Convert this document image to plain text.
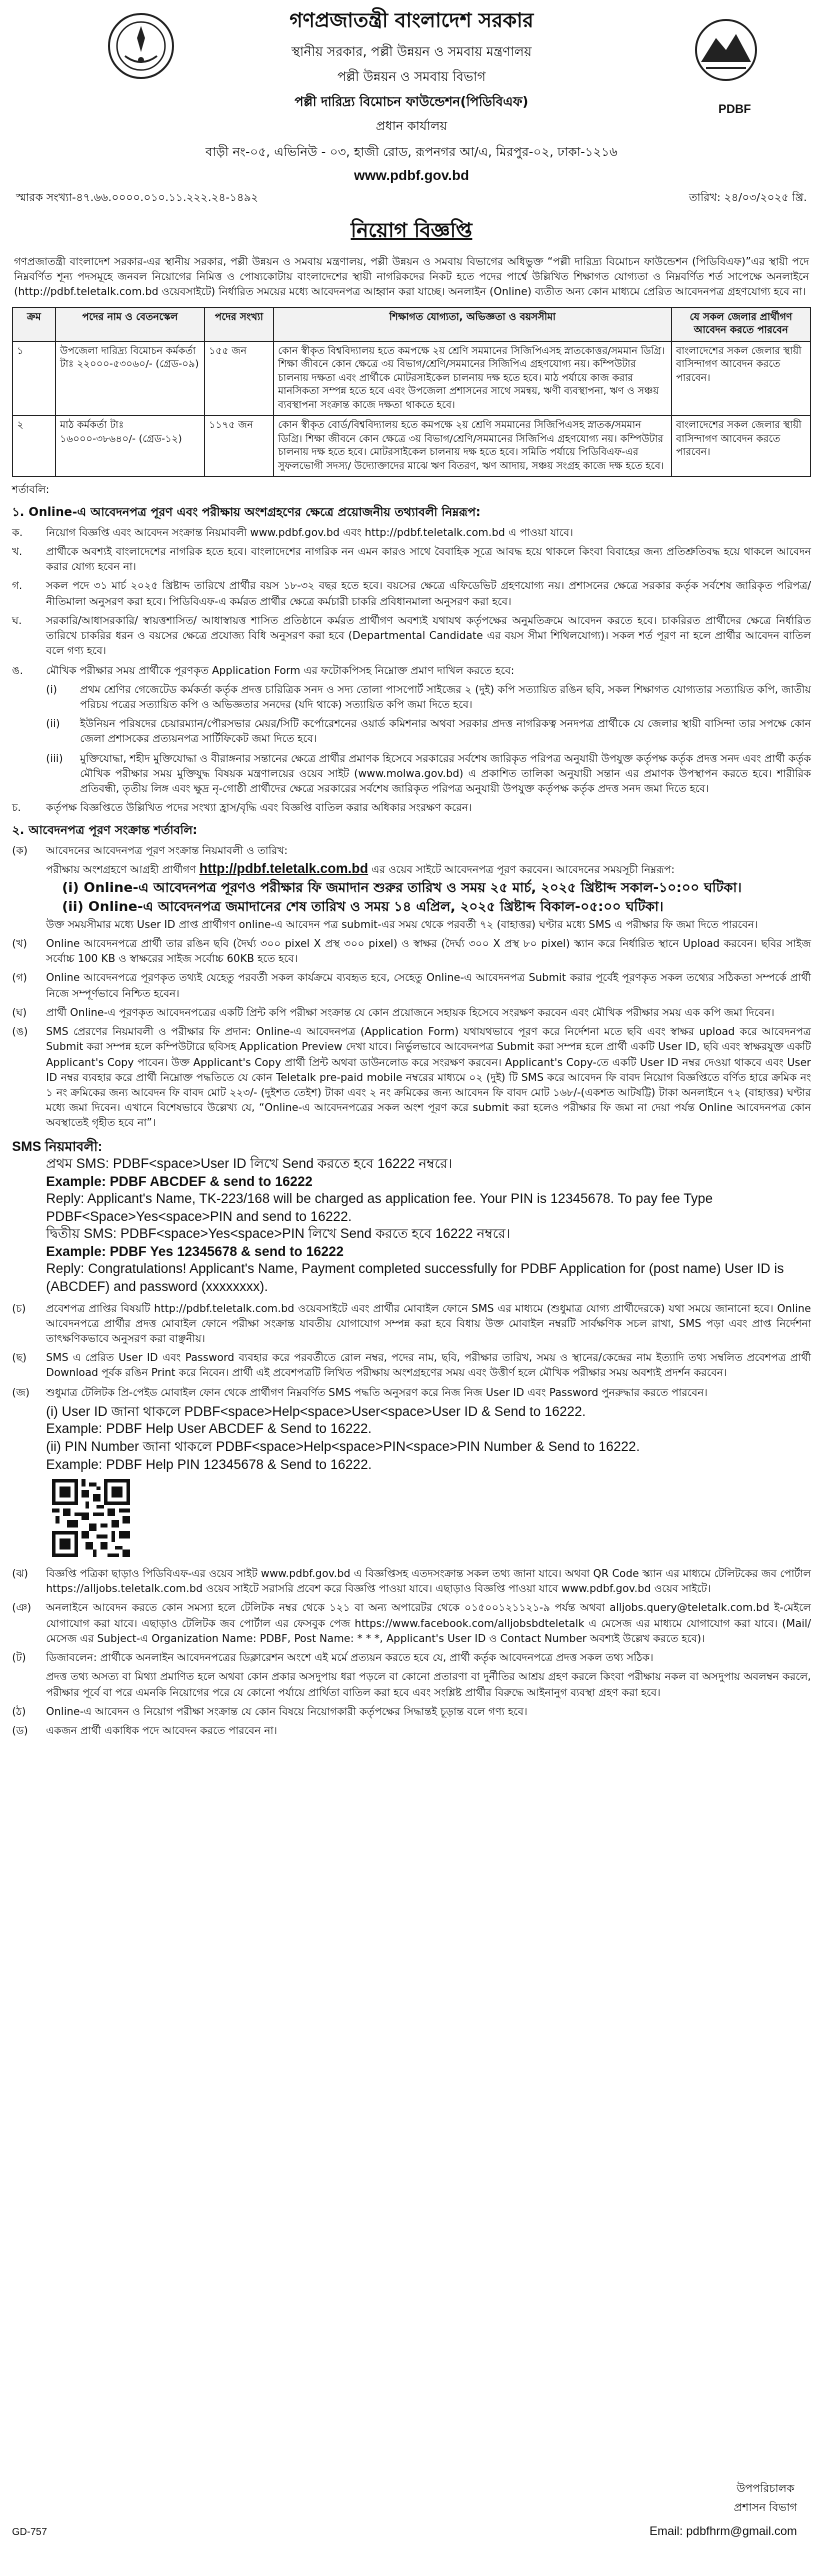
গণপ্রজাতন্ত্রী বাংলাদেশ সরকার
স্থানীয় সরকার, পল্লী উন্নয়ন ও সমবায় মন্ত্রণালয়
পল্লী উন্নয়ন ও সমবায় বিভাগ
পল্লী দারিদ্র্য বিমোচন ফাউন্ডেশন(পিডিবিএফ)
প্রধান কার্যালয়
বাড়ী নং-০৫, এভিনিউ - ০৩, হাজী রোড, রূপনগর আ/এ, মিরপুর-০২, ঢাকা-১২১৬
www.pdbf.gov.bd
PDBF
স্মারক সংখ্যা-৪৭.৬৬.০০০০.০১০.১১.২২২.২৪-১৪৯২	তারিখ: ২৪/০৩/২০২৫ খ্রি.
নিয়োগ বিজ্ঞপ্তি
গণপ্রজাতন্ত্রী বাংলাদেশ সরকার-এর স্থানীয় সরকার, পল্লী উন্নয়ন ও সমবায় মন্ত্রণালয়, পল্লী উন্নয়ন ও সমবায় বিভাগের অধিভুক্ত “পল্লী দারিদ্র্য বিমোচন ফাউন্ডেশন (পিডিবিএফ)”এর স্থায়ী পদে নিম্নবর্ণিত শূন্য পদসমূহে জনবল নিয়োগের নিমিত্ত ও পোষ্যকোটায় বাংলাদেশের স্থায়ী নাগরিকদের নিকট হতে পদের পার্শ্বে উল্লিখিত শিক্ষাগত যোগ্যতা ও নিম্নবর্ণিত শর্ত সাপেক্ষে অনলাইনে (http://pdbf.teletalk.com.bd ওয়েবসাইটে) নির্ধারিত সময়ের মধ্যে আবেদনপত্র আহ্বান করা যাচ্ছে। অনলাইন (Online) ব্যতীত অন্য কোন মাধ্যমে প্রেরিত আবেদনপত্র গ্রহণযোগ্য হবে না।
ক্রম	পদের নাম ও বেতনস্কেল	পদের সংখ্যা	শিক্ষাগত যোগ্যতা, অভিজ্ঞতা ও বয়সসীমা	যে সকল জেলার প্রার্থীগণ আবেদন করতে পারবেন
১	উপজেলা দারিদ্র্য বিমোচন কর্মকর্তা টাঃ ২২০০০-৫৩০৬০/- (গ্রেড-০৯)	১৫৫ জন	কোন স্বীকৃত বিশ্ববিদ্যালয় হতে কমপক্ষে ২য় শ্রেণি সমমানের সিজিপিএসহ স্নাতকোত্তর/সমমান ডিগ্রি। শিক্ষা জীবনে কোন ক্ষেত্রে ৩য় বিভাগ/শ্রেণি/সমমানের সিজিপিএ গ্রহণযোগ্য নয়। কম্পিউটার চালনায় দক্ষতা এবং প্রার্থীকে মোটরসাইকেল চালনায় দক্ষ হতে হবে। মাঠ পর্যায়ে কাজ করার মানসিকতা সম্পন্ন হতে হবে এবং উপজেলা প্রশাসনের সাথে সমন্বয়, ঋণী ব্যবস্থাপনা, ঋণ ও সঞ্চয় ব্যবস্থাপনা সংক্রান্ত কাজে দক্ষতা থাকতে হবে।	বাংলাদেশের সকল জেলার স্থায়ী বাসিন্দাগণ আবেদন করতে পারবেন।
২	মাঠ কর্মকর্তা টাঃ ১৬০০০-৩৮৬৪০/- (গ্রেড-১২)	১১৭৫ জন	কোন স্বীকৃত বোর্ড/বিশ্ববিদ্যালয় হতে কমপক্ষে ২য় শ্রেণি সমমানের সিজিপিএসহ স্নাতক/সমমান ডিগ্রি। শিক্ষা জীবনে কোন ক্ষেত্রে ৩য় বিভাগ/শ্রেণি/সমমানের সিজিপিএ গ্রহণযোগ্য নয়। কম্পিউটার চালনায় দক্ষ হতে হবে। মোটরসাইকেল চালনায় দক্ষ হতে হবে। সমিতি পর্যায়ে পিডিবিএফ-এর সুফলভোগী সদস্য/ উদ্যোক্তাদের মাঝে ঋণ বিতরণ, ঋণ আদায়, সঞ্চয় সংগ্রহ কাজে দক্ষ হতে হবে।	বাংলাদেশের সকল জেলার স্থায়ী বাসিন্দাগণ আবেদন করতে পারবেন।
শর্তাবলি:
১. Online-এ আবেদনপত্র পূরণ এবং পরীক্ষায় অংশগ্রহণের ক্ষেত্রে প্রয়োজনীয় তথ্যাবলী নিম্নরূপ:
ক.	নিয়োগ বিজ্ঞপ্তি এবং আবেদন সংক্রান্ত নিয়মাবলী www.pdbf.gov.bd এবং http://pdbf.teletalk.com.bd এ পাওয়া যাবে।
খ.	প্রার্থীকে অবশ্যই বাংলাদেশের নাগরিক হতে হবে। বাংলাদেশের নাগরিক নন এমন কারও সাথে বৈবাহিক সূত্রে আবদ্ধ হয়ে থাকলে কিংবা বিবাহের জন্য প্রতিশ্রুতিবদ্ধ হয়ে থাকলে আবেদন করার যোগ্য হবেন না।
গ.	সকল পদে ৩১ মার্চ ২০২৫ খ্রিষ্টাব্দ তারিখে প্রার্থীর বয়স ১৮-৩২ বছর হতে হবে। বয়সের ক্ষেত্রে এফিডেভিট গ্রহণযোগ্য নয়। প্রশাসনের ক্ষেত্রে সরকার কর্তৃক সর্বশেষ জারিকৃত পরিপত্র/ নীতিমালা অনুসরণ করা হবে। পিডিবিএফ-এ কর্মরত প্রার্থীর ক্ষেত্রে কর্মচারী চাকরি প্রবিধানমালা অনুসরণ করা হবে।
ঘ.	সরকারি/আধাসরকারি/ স্বায়ত্তশাসিত/ আধাস্বায়ত্ত শাসিত প্রতিষ্ঠানে কর্মরত প্রার্থীগণ অবশ্যই যথাযথ কর্তৃপক্ষের অনুমতিক্রমে আবেদন করতে হবে। চাকরিরত প্রার্থীদের ক্ষেত্রে নির্ধারিত তারিখে চাকরির ধরন ও বয়সের ক্ষেত্রে প্রযোজ্য বিধি অনুসরণ করা হবে (Departmental Candidate এর বয়স সীমা শিথিলযোগ্য)। সকল শর্ত পূরণ না হলে প্রার্থীর আবেদন বাতিল বলে গণ্য হবে।
ঙ.	মৌখিক পরীক্ষার সময় প্রার্থীকে পূরণকৃত Application Form এর ফটোকপিসহ নিম্নোক্ত প্রমাণ দাখিল করতে হবে:
(i)	প্রথম শ্রেণির গেজেটেড কর্মকর্তা কর্তৃক প্রদত্ত চারিত্রিক সনদ ও সদ্য তোলা পাসপোর্ট সাইজের ২ (দুই) কপি সত্যায়িত রঙিন ছবি, সকল শিক্ষাগত যোগ্যতার সত্যায়িত কপি, জাতীয় পরিচয় পত্রের সত্যায়িত কপি ও অভিজ্ঞতার সনদের (যদি থাকে) সত্যায়িত কপি জমা দিতে হবে।
(ii)	ইউনিয়ন পরিষদের চেয়ারম্যান/পৌরসভার মেয়র/সিটি কর্পোরেশনের ওয়ার্ড কমিশনার অথবা সরকার প্রদত্ত নাগরিকত্ব সনদপত্র প্রার্থীকে যে জেলার স্থায়ী বাসিন্দা তার সপক্ষে কোন জেলা প্রশাসকের প্রত্যয়নপত্র সার্টিফিকেট জমা দিতে হবে।
(iii)	মুক্তিযোদ্ধা, শহীদ মুক্তিযোদ্ধা ও বীরাঙ্গনার সন্তানের ক্ষেত্রে প্রার্থীর প্রমাণক হিসেবে সরকারের সর্বশেষ জারিকৃত পরিপত্র অনুযায়ী উপযুক্ত কর্তৃপক্ষ কর্তৃক প্রদত্ত সনদ এবং প্রার্থী কর্তৃক মৌখিক পরীক্ষার সময় মুক্তিযুদ্ধ বিষয়ক মন্ত্রণালয়ের ওয়েব সাইট (www.molwa.gov.bd) এ প্রকাশিত তালিকা অনুযায়ী সন্তান এর প্রমাণক উপস্থাপন করতে হবে। শারীরিক প্রতিবন্ধী, তৃতীয় লিঙ্গ এবং ক্ষুদ্র নৃ-গোষ্ঠী প্রার্থীদের ক্ষেত্রে সরকারের সর্বশেষ জারিকৃত পরিপত্র অনুযায়ী উপযুক্ত কর্তৃপক্ষ কর্তৃক প্রদত্ত সনদ জমা দিতে হবে।
চ.	কর্তৃপক্ষ বিজ্ঞপ্তিতে উল্লিখিত পদের সংখ্যা হ্রাস/বৃদ্ধি এবং বিজ্ঞপ্তি বাতিল করার অধিকার সংরক্ষণ করেন।
২. আবেদনপত্র পূরণ সংক্রান্ত শর্তাবলি:
(ক)	আবেদনের আবেদনপত্র পূরণ সংক্রান্ত নিয়মাবলী ও তারিখ:
পরীক্ষায় অংশগ্রহণে আগ্রহী প্রার্থীগণ http://pdbf.teletalk.com.bd এর ওয়েব সাইটে আবেদনপত্র পূরণ করবেন। আবেদনের সময়সূচী নিম্নরূপ:
(i) Online-এ আবেদনপত্র পূরণও পরীক্ষার ফি জমাদান শুরুর তারিখ ও সময় ২৫ মার্চ, ২০২৫ খ্রিষ্টাব্দ সকাল-১০:০০ ঘটিকা।
(ii) Online-এ আবেদনপত্র জমাদানের শেষ তারিখ ও সময় ১৪ এপ্রিল, ২০২৫ খ্রিষ্টাব্দ বিকাল-০৫:০০ ঘটিকা।
উক্ত সময়সীমার মধ্যে User ID প্রাপ্ত প্রার্থীগণ online-এ আবেদন পত্র submit-এর সময় থেকে পরবর্তী ৭২ (বাহাত্তর) ঘণ্টার মধ্যে SMS এ পরীক্ষার ফি জমা দিতে পারবেন।
(খ)	Online আবেদনপত্রে প্রার্থী তার রঙিন ছবি (দৈর্ঘ্য ৩০০ pixel X প্রস্থ ৩০০ pixel) ও স্বাক্ষর (দৈর্ঘ্য ৩০০ X প্রস্থ ৮০ pixel) স্ক্যান করে নির্ধারিত স্থানে Upload করবেন। ছবির সাইজ সর্বোচ্চ 100 KB ও স্বাক্ষরের সাইজ সর্বোচ্চ 60KB হতে হবে।
(গ)	Online আবেদনপত্রে পূরণকৃত তথ্যই যেহেতু পরবর্তী সকল কার্যক্রমে ব্যবহৃত হবে, সেহেতু Online-এ আবেদনপত্র Submit করার পূর্বেই পূরণকৃত সকল তথ্যের সঠিকতা সম্পর্কে প্রার্থী নিজে সম্পূর্ণভাবে নিশ্চিত হবেন।
(ঘ)	প্রার্থী Online-এ পূরণকৃত আবেদনপত্রের একটি প্রিন্ট কপি পরীক্ষা সংক্রান্ত যে কোন প্রয়োজনে সহায়ক হিসেবে সংরক্ষণ করবেন এবং মৌখিক পরীক্ষার সময় এক কপি জমা দিবেন।
(ঙ)	SMS প্রেরণের নিয়মাবলী ও পরীক্ষার ফি প্রদান: Online-এ আবেদনপত্র (Application Form) যথাযথভাবে পূরণ করে নির্দেশনা মতে ছবি এবং স্বাক্ষর upload করে আবেদনপত্র Submit করা সম্পন্ন হলে কম্পিউটারে ছবিসহ Application Preview দেখা যাবে। নির্ভুলভাবে আবেদনপত্র Submit করা সম্পন্ন হলে প্রার্থী একটি User ID, ছবি এবং স্বাক্ষরযুক্ত একটি Applicant's Copy পাবেন। উক্ত Applicant's Copy প্রার্থী প্রিন্ট অথবা ডাউনলোড করে সংরক্ষণ করবেন। Applicant's Copy-তে একটি User ID নম্বর দেওয়া থাকবে এবং User ID নম্বর ব্যবহার করে প্রার্থী নিম্নোক্ত পদ্ধতিতে যে কোন Teletalk pre-paid mobile নম্বরের মাধ্যমে ০২ (দুই) টি SMS করে আবেদন ফি বাবদ নিয়োগ বিজ্ঞপ্তিতে বর্ণিত হারে ক্রমিক নং ১ নং ক্রমিকের জন্য আবেদন ফি বাবদ মোট ২২৩/- (দুইশত তেইশ) টাকা এবং ২ নং ক্রমিকের জন্য আবেদন ফি বাবদ মোট ১৬৮/-(একশত আটষট্টি) টাকা অনলাইনে ৭২ (বাহাত্তর) ঘণ্টার মধ্যে জমা দিবেন। এখানে বিশেষভাবে উল্লেখ্য যে, “Online-এ আবেদনপত্রের সকল অংশ পূরণ করে submit করা হলেও পরীক্ষার ফি জমা না দেয়া পর্যন্ত Online আবেদনপত্র কোন অবস্থাতেই গৃহীত হবে না”।
SMS নিয়মাবলী:
প্রথম SMS: PDBF<space>User ID লিখে Send করতে হবে 16222 নম্বরে।
Example: PDBF ABCDEF & send to 16222
Reply: Applicant's Name, TK-223/168 will be charged as application fee. Your PIN is 12345678. To pay fee Type PDBF<Space>Yes<space>PIN and send to 16222.
দ্বিতীয় SMS: PDBF<space>Yes<space>PIN লিখে Send করতে হবে 16222 নম্বরে।
Example: PDBF Yes 12345678 & send to 16222
Reply: Congratulations! Applicant's Name, Payment completed successfully for PDBF Application for (post name) User ID is (ABCDEF) and password (xxxxxxxx).
(চ)	প্রবেশপত্র প্রাপ্তির বিষয়টি http://pdbf.teletalk.com.bd ওয়েবসাইটে এবং প্রার্থীর মোবাইল ফোনে SMS এর মাধ্যমে (শুধুমাত্র যোগ্য প্রার্থীদেরকে) যথা সময়ে জানানো হবে। Online আবেদনপত্রে প্রার্থীর প্রদত্ত মোবাইল ফোনে পরীক্ষা সংক্রান্ত যাবতীয় যোগাযোগ সম্পন্ন করা হবে বিধায় উক্ত মোবাইল নম্বরটি সার্বক্ষণিক সচল রাখা, SMS পড়া এবং প্রাপ্ত নির্দেশনা তাৎক্ষণিকভাবে অনুসরণ করা বাঞ্ছনীয়।
(ছ)	SMS এ প্রেরিত User ID এবং Password ব্যবহার করে পরবর্তীতে রোল নম্বর, পদের নাম, ছবি, পরীক্ষার তারিখ, সময় ও স্থানের/কেন্দ্রের নাম ইত্যাদি তথ্য সম্বলিত প্রবেশপত্র প্রার্থী Download পূর্বক রঙিন Print করে নিবেন। প্রার্থী এই প্রবেশপত্রটি লিখিত পরীক্ষায় অংশগ্রহণের সময় এবং উত্তীর্ণ হলে মৌখিক পরীক্ষার সময় অবশ্যই প্রদর্শন করবেন।
(জ)	শুধুমাত্র টেলিটক প্রি-পেইড মোবাইল ফোন থেকে প্রার্থীগণ নিম্নবর্ণিত SMS পদ্ধতি অনুসরণ করে নিজ নিজ User ID এবং Password পুনরুদ্ধার করতে পারবেন।
(i) User ID জানা থাকলে PDBF<space>Help<space>User<space>User ID & Send to 16222.
Example: PDBF Help User ABCDEF & Send to 16222.
(ii) PIN Number জানা থাকলে PDBF<space>Help<space>PIN<space>PIN Number & Send to 16222.
Example: PDBF Help PIN 12345678 & Send to 16222.
(ঝ)	বিজ্ঞপ্তি পত্রিকা ছাড়াও পিডিবিএফ-এর ওয়েব সাইট www.pdbf.gov.bd এ বিজ্ঞপ্তিসহ এতদসংক্রান্ত সকল তথ্য জানা যাবে। অথবা QR Code স্ক্যান এর মাধ্যমে টেলিটকের জব পোর্টাল https://alljobs.teletalk.com.bd ওয়েব সাইটে সরাসরি প্রবেশ করে বিজ্ঞপ্তি পাওয়া যাবে। এছাড়াও বিজ্ঞপ্তি পাওয়া যাবে www.pdbf.gov.bd ওয়েব সাইটে।
(ঞ)	অনলাইনে আবেদন করতে কোন সমস্যা হলে টেলিটক নম্বর থেকে ১২১ বা অন্য অপারেটর থেকে ০১৫০০১২১১২১-৯ পর্যন্ত অথবা alljobs.query@teletalk.com.bd ই-মেইলে যোগাযোগ করা যাবে। এছাড়াও টেলিটক জব পোর্টাল এর ফেসবুক পেজ https://www.facebook.com/alljobsbdteletalk এ মেসেজ এর মাধ্যমে যোগাযোগ করা যাবে। (Mail/মেসেজ এর Subject-এ Organization Name: PDBF, Post Name: * * *, Applicant's User ID ও Contact Number অবশ্যই উল্লেখ করতে হবে)।
(ট)	ডিজাবলেন: প্রার্থীকে অনলাইন আবেদনপত্রের ডিক্লারেশন অংশে এই মর্মে প্রত্যয়ন করতে হবে যে, প্রার্থী কর্তৃক আবেদনপত্রে প্রদত্ত সকল তথ্য সঠিক।
প্রদত্ত তথ্য অসত্য বা মিথ্যা প্রমাণিত হলে অথবা কোন প্রকার অসদুপায় ধরা পড়লে বা কোনো প্রতারণা বা দুর্নীতির আশ্রয় গ্রহণ করলে কিংবা পরীক্ষায় নকল বা অসদুপায় অবলম্বন করলে, পরীক্ষার পূর্বে বা পরে এমনকি নিয়োগের পরে যে কোনো পর্যায়ে প্রার্থিতা বাতিল করা হবে এবং সংশ্লিষ্ট প্রার্থীর বিরুদ্ধে আইনানুগ ব্যবস্থা গ্রহণ করা হবে।
(ঠ)	Online-এ আবেদন ও নিয়োগ পরীক্ষা সংক্রান্ত যে কোন বিষয়ে নিয়োগকারী কর্তৃপক্ষের সিদ্ধান্তই চূড়ান্ত বলে গণ্য হবে।
(ড)	একজন প্রার্থী একাধিক পদে আবেদন করতে পারবেন না।
উপপরিচালক
প্রশাসন বিভাগ
Email: pdbfhrm@gmail.com
GD-757
